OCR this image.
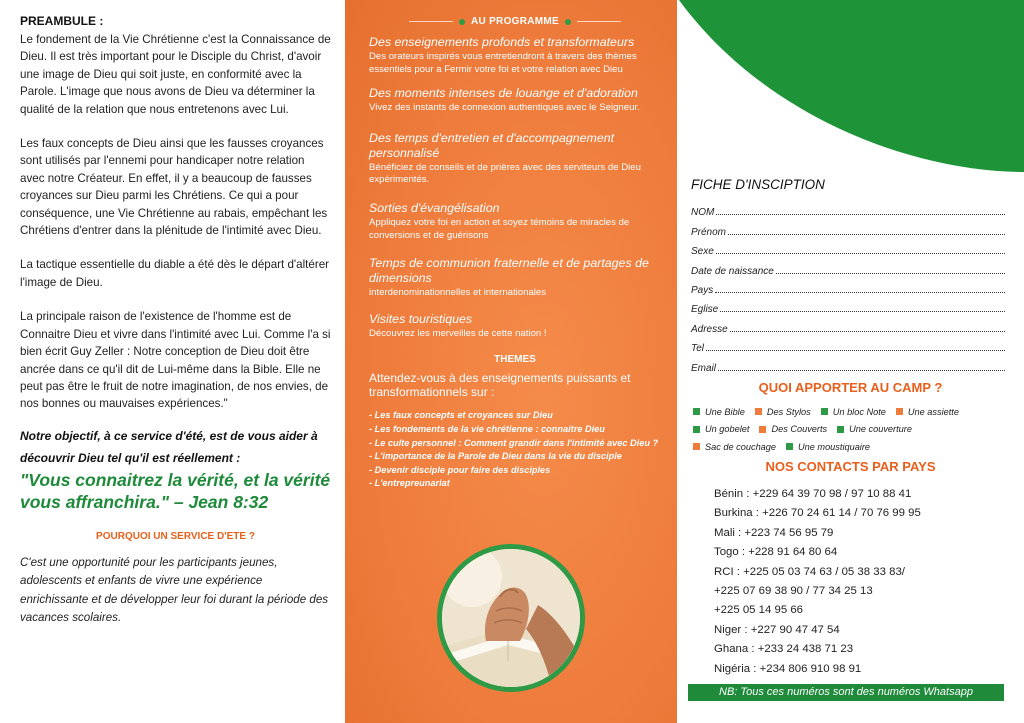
PREAMBULE :

Le fondement de la Vie Chrétienne c'est la Connaissance de Dieu. Il est très important pour le Disciple du Christ, d'avoir une image de Dieu qui soit juste, en conformité avec la Parole. L'image que nous avons de Dieu va déterminer la qualité de la relation que nous entretenons avec Lui.

Les faux concepts de Dieu ainsi que les fausses croyances sont utilisés par l'ennemi pour handicaper notre relation avec notre Créateur. En effet, il y a beaucoup de fausses croyances sur Dieu parmi les Chrétiens. Ce qui a pour conséquence, une Vie Chrétienne au rabais, empêchant les Chrétiens d'entrer dans la plénitude de l'intimité avec Dieu.

La tactique essentielle du diable a été dès le départ d'altérer l'image de Dieu.

La principale raison de l'existence de l'homme est de Connaitre Dieu et vivre dans l'intimité avec Lui. Comme l'a si bien écrit Guy Zeller : Notre conception de Dieu doit être ancrée dans ce qu'il dit de Lui-même dans la Bible. Elle ne peut pas être le fruit de notre imagination, de nos envies, de nos bonnes ou mauvaises expériences."

Notre objectif, à ce service d'été, est de vous aider à découvrir Dieu tel qu'il est réellement :
"Vous connaitrez la vérité, et la vérité vous affranchira." – Jean 8:32
POURQUOI UN SERVICE D'ETE ?
C'est une opportunité pour les participants jeunes, adolescents et enfants de vivre une expérience enrichissante et de développer leur foi durant la période des vacances scolaires.
AU PROGRAMME
Des enseignements profonds et transformateurs
Des orateurs inspirés vous entretiendront à travers des thèmes essentiels pour a Fermir votre foi et votre relation avec Dieu
Des moments intenses de louange et d'adoration
Vivez des instants de connexion authentiques avec le Seigneur.
Des temps d'entretien et d'accompagnement personnalisé
Bénéficiez de conseils et de prières avec des serviteurs de Dieu expérimentés.
Sorties d'évangélisation
Appliquez votre foi en action et soyez témoins de miracles de conversions et de guérisons
Temps de communion fraternelle et de partages de dimensions
interdenominationnelles et internationales
Visites touristiques
Découvrez les merveilles de cette nation !
THEMES
Attendez-vous à des enseignements puissants et transformationnels sur :
- Les faux concepts et croyances sur Dieu
- Les fondements de la vie chrétienne : connaitre Dieu
- Le culte personnel : Comment grandir dans l'intimité avec Dieu ?
- L'importance de la Parole de Dieu dans la vie du disciple
- Devenir disciple pour faire des disciples
- L'entrepreunariat
FICHE D'INSCIPTION
NOM
Prénom
Sexe
Date de naissance
Pays
Eglise
Adresse
Tel
Email
QUOI APPORTER AU CAMP ?
Une Bible Des Stylos Un bloc Note Une assiette
Un gobelet Des Couverts Une couverture
Sac de couchage Une moustiquaire
NOS CONTACTS PAR PAYS
Bénin : +229 64 39 70 98 / 97 10 88 41
Burkina : +226 70 24 61 14 / 70 76 99 95
Mali : +223 74 56 95 79
Togo : +228 91 64 80 64
RCI : +225 05 03 74 63 / 05 38 33 83/
+225 07 69 38 90 / 77 34 25 13
+225 05 14 95 66
Niger : +227 90 47 47 54
Ghana : +233 24 438 71 23
Nigéria : +234 806 910 98 91
NB: Tous ces numéros sont des numéros Whatsapp
